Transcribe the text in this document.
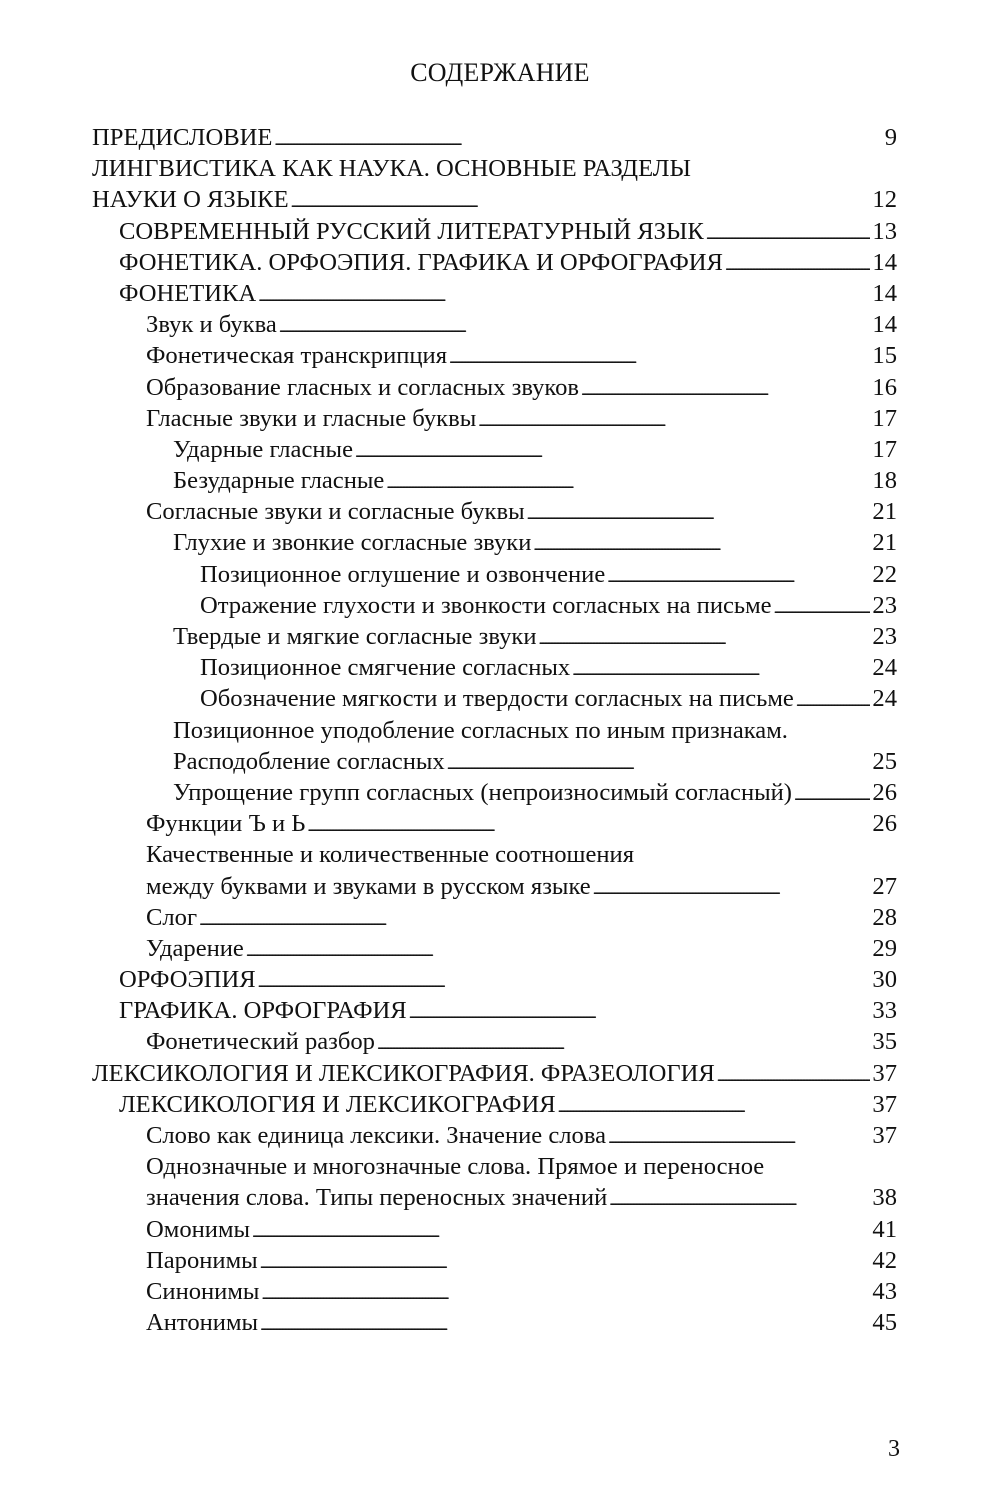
СОДЕРЖАНИЕ
ПРЕДИСЛОВИЕ . . .	9
ЛИНГВИСТИКА КАК НАУКА. ОСНОВНЫЕ РАЗДЕЛЫ
НАУКИ О ЯЗЫКЕ . . .	12
СОВРЕМЕННЫЙ РУССКИЙ ЛИТЕРАТУРНЫЙ ЯЗЫК . . .	13
ФОНЕТИКА. ОРФОЭПИЯ. ГРАФИКА И ОРФОГРАФИЯ . . .	14
ФОНЕТИКА . . .	14
Звук и буква . . .	14
Фонетическая транскрипция . . .	15
Образование гласных и согласных звуков . . .	16
Гласные звуки и гласные буквы . . .	17
Ударные гласные . . .	17
Безударные гласные . . .	18
Согласные звуки и согласные буквы . . .	21
Глухие и звонкие согласные звуки . . .	21
Позиционное оглушение и озвончение . . .	22
Отражение глухости и звонкости согласных на письме . . .	23
Твердые и мягкие согласные звуки . . .	23
Позиционное смягчение согласных . . .	24
Обозначение мягкости и твердости согласных на письме . . .	24
Позиционное уподобление согласных по иным признакам.
Расподобление согласных . . .	25
Упрощение групп согласных (непроизносимый согласный) . . .	26
Функции Ъ и Ь . . .	26
Качественные и количественные соотношения
между буквами и звуками в русском языке . . .	27
Слог . . .	28
Ударение . . .	29
ОРФОЭПИЯ . . .	30
ГРАФИКА. ОРФОГРАФИЯ . . .	33
Фонетический разбор . . .	35
ЛЕКСИКОЛОГИЯ И ЛЕКСИКОГРАФИЯ. ФРАЗЕОЛОГИЯ . . .	37
ЛЕКСИКОЛОГИЯ И ЛЕКСИКОГРАФИЯ . . .	37
Слово как единица лексики. Значение слова . . .	37
Однозначные и многозначные слова. Прямое и переносное
значения слова. Типы переносных значений . . .	38
Омонимы . . .	41
Паронимы . . .	42
Синонимы . . .	43
Антонимы . . .	45
3
